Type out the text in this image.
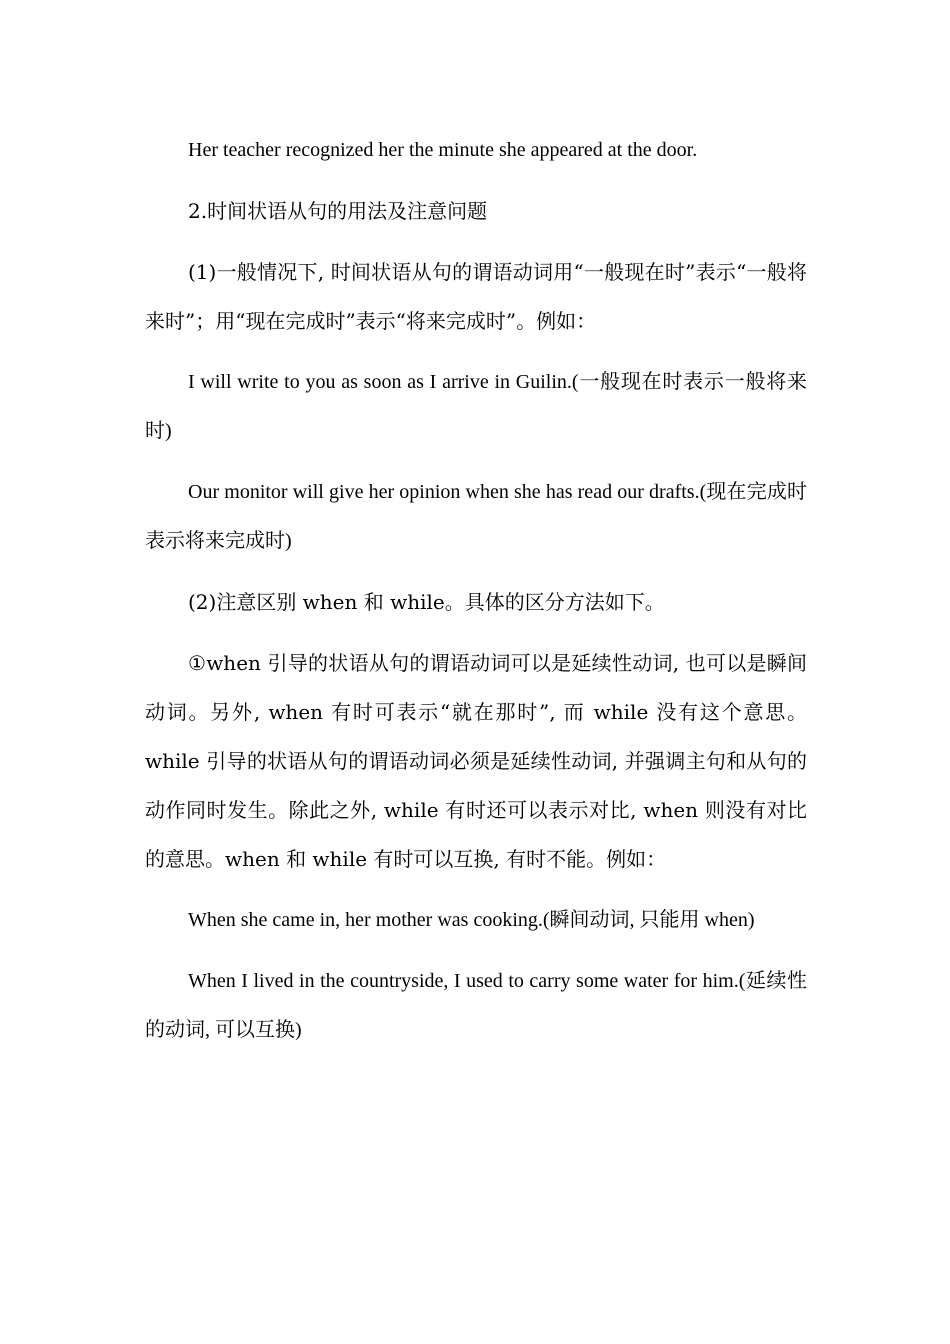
Her teacher recognized her the minute she appeared at the door.

2.时间状语从句的用法及注意问题

(1)一般情况下, 时间状语从句的谓语动词用“一般现在时”表示“一般将来时”；用“现在完成时”表示“将来完成时”。例如：

I will write to you as soon as I arrive in Guilin.(一般现在时表示一般将来时)

Our monitor will give her opinion when she has read our drafts.(现在完成时表示将来完成时)

(2)注意区别 when 和 while。具体的区分方法如下。

①when 引导的状语从句的谓语动词可以是延续性动词, 也可以是瞬间动词。另外, when 有时可表示“就在那时”, 而 while 没有这个意思。while 引导的状语从句的谓语动词必须是延续性动词, 并强调主句和从句的动作同时发生。除此之外, while 有时还可以表示对比, when 则没有对比的意思。when 和 while 有时可以互换, 有时不能。例如：

When she came in, her mother was cooking.(瞬间动词, 只能用 when)

When I lived in the countryside, I used to carry some water for him.(延续性的动词, 可以互换)
